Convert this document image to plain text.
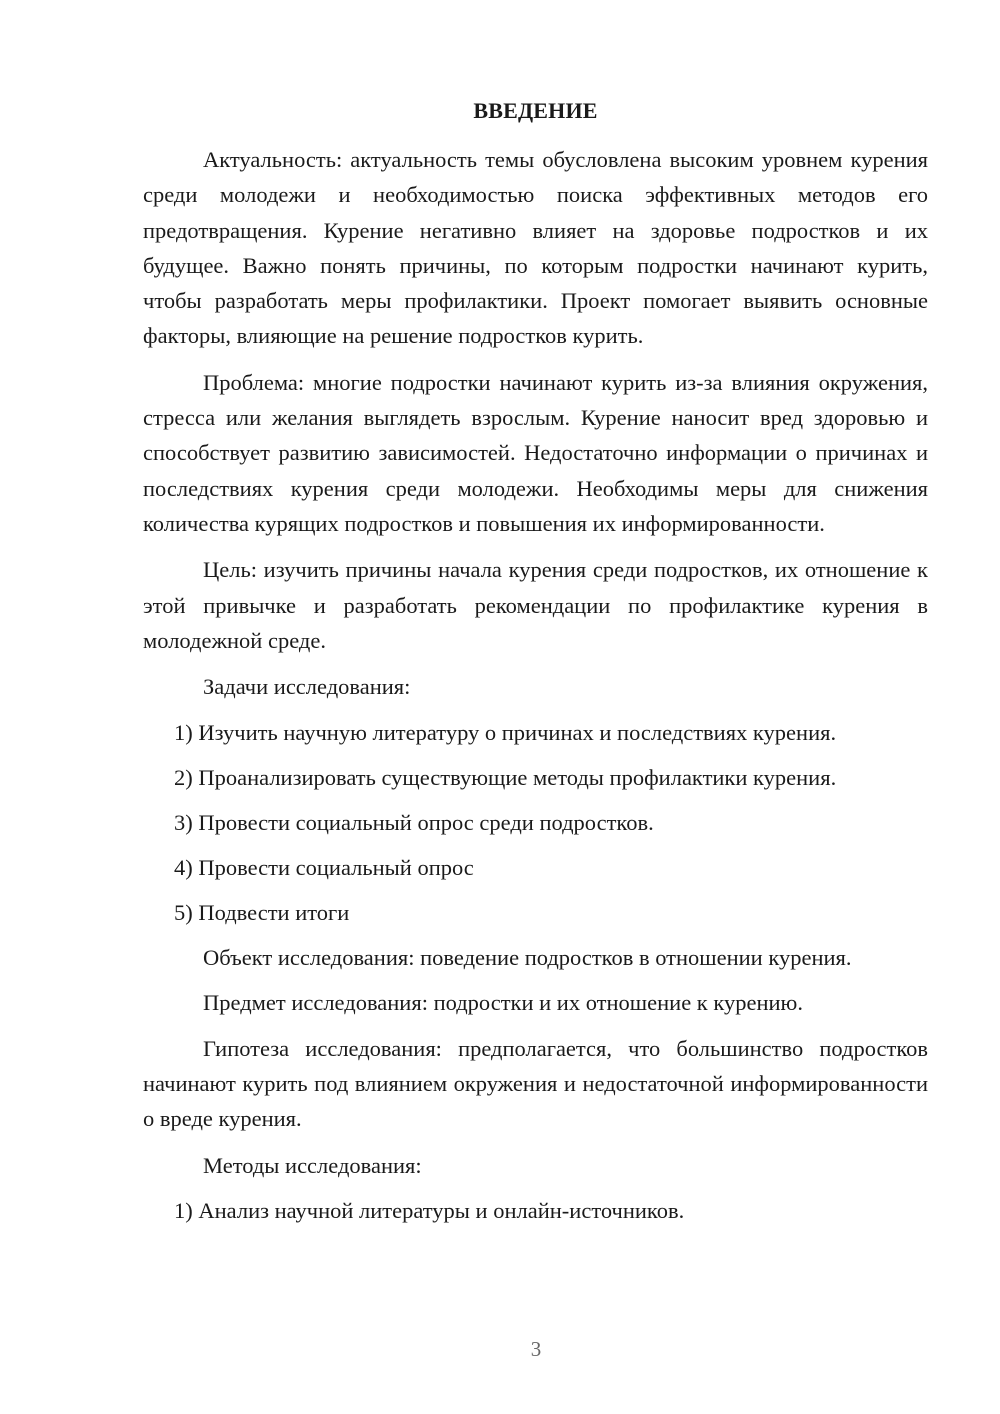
ВВЕДЕНИЕ

Актуальность: актуальность темы обусловлена высоким уровнем курения среди молодежи и необходимостью поиска эффективных методов его предотвращения. Курение негативно влияет на здоровье подростков и их будущее. Важно понять причины, по которым подростки начинают курить, чтобы разработать меры профилактики. Проект помогает выявить основные факторы, влияющие на решение подростков курить.

Проблема: многие подростки начинают курить из-за влияния окружения, стресса или желания выглядеть взрослым. Курение наносит вред здоровью и способствует развитию зависимостей. Недостаточно информации о причинах и последствиях курения среди молодежи. Необходимы меры для снижения количества курящих подростков и повышения их информированности.

Цель: изучить причины начала курения среди подростков, их отношение к этой привычке и разработать рекомендации по профилактике курения в молодежной среде.

Задачи исследования:

1) Изучить научную литературу о причинах и последствиях курения.

2) Проанализировать существующие методы профилактики курения.

3) Провести социальный опрос среди подростков.

4) Провести социальный опрос

5) Подвести итоги

Объект исследования: поведение подростков в отношении курения.

Предмет исследования: подростки и их отношение к курению.

Гипотеза исследования: предполагается, что большинство подростков начинают курить под влиянием окружения и недостаточной информированности о вреде курения.

Методы исследования:

1) Анализ научной литературы и онлайн-источников.

3
